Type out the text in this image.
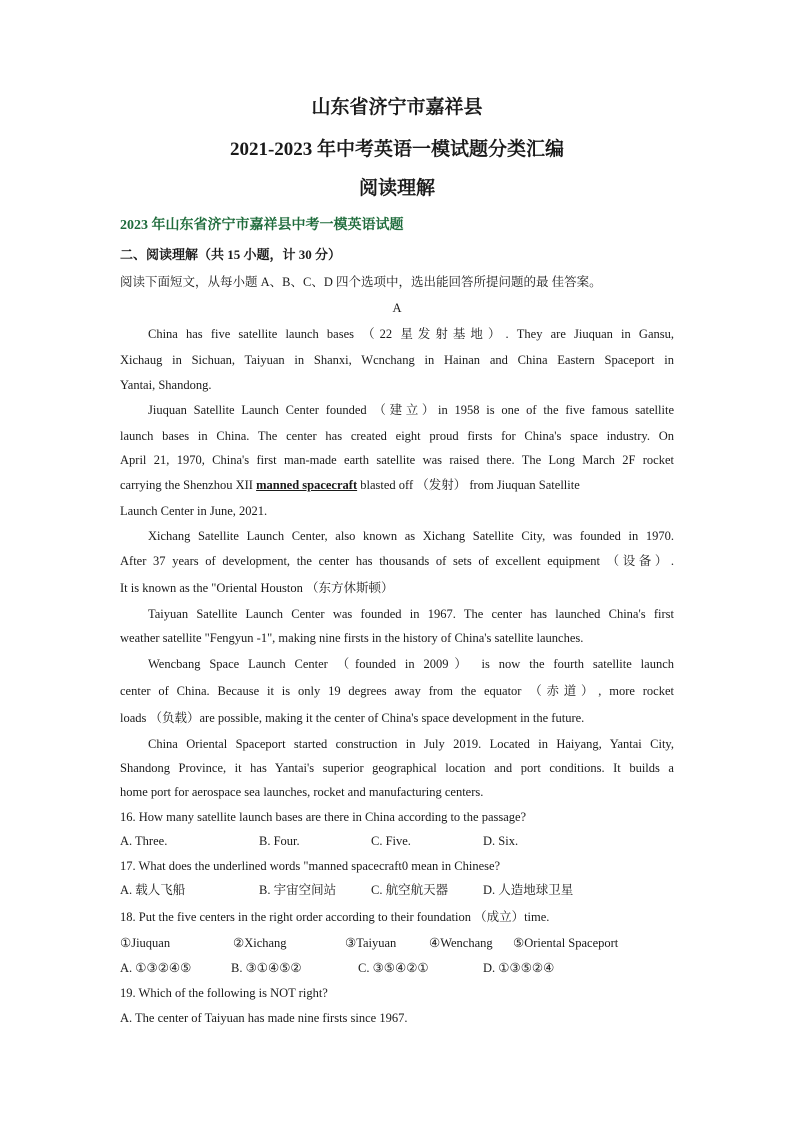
山东省济宁市嘉祥县
2021-2023 年中考英语一模试题分类汇编
阅读理解
2023 年山东省济宁市嘉祥县中考一模英语试题
二、阅读理解（共 15 小题，计 30 分）
阅读下面短文，从每小题 A、B、C、D 四个选项中，选出能回答所提问题的最 佳答案。
A
China has five satellite launch bases （22 星发射基地）. They are Jiuquan in Gansu,
Xichaug in Sichuan, Taiyuan in Shanxi, Wcnchang in Hainan and China Eastern Spaceport in
Yantai, Shandong.
Jiuquan Satellite Launch Center founded （建立）in 1958 is one of the five famous satellite
launch bases in China. The center has created eight proud firsts for China's space industry. On
April 21, 1970, China's first man-made earth satellite was raised there. The Long March 2F rocket
carrying the Shenzhou XII manned spacecraft blasted off （发射） from Jiuquan Satellite
Launch Center in June, 2021.
Xichang Satellite Launch Center, also known as Xichang Satellite City, was founded in 1970.
After 37 years of development, the center has thousands of sets of excellent equipment （设备）.
It is known as the "Oriental Houston （东方休斯顿）
Taiyuan Satellite Launch Center was founded in 1967. The center has launched China's first
weather satellite "Fengyun -1", making nine firsts in the history of China's satellite launches.
Wencbang Space Launch Center （founded in 2009） is now the fourth satellite launch
center of China. Because it is only 19 degrees away from the equator （赤道）, more rocket
loads （负载）are possible, making it the center of China's space development in the future.
China Oriental Spaceport started construction in July 2019. Located in Haiyang, Yantai City,
Shandong Province, it has Yantai's superior geographical location and port conditions. It builds a
home port for aerospace sea launches, rocket and manufacturing centers.
16. How many satellite launch bases are there in China according to the passage?
A. Three.	B. Four.	C. Five.	D. Six.
17. What does the underlined words "manned spacecraft0 mean in Chinese?
A. 载人飞船	B. 宇宙空间站	C. 航空航天器	D. 人造地球卫星
18. Put the five centers in the right order according to their foundation （成立）time.
①Jiuquan	②Xichang	③Taiyuan	④Wenchang	⑤Oriental Spaceport
A. ①③②④⑤	B. ③①④⑤②	C. ③⑤④②①	D. ①③⑤②④
19. Which of the following is NOT right?
A. The center of Taiyuan has made nine firsts since 1967.
